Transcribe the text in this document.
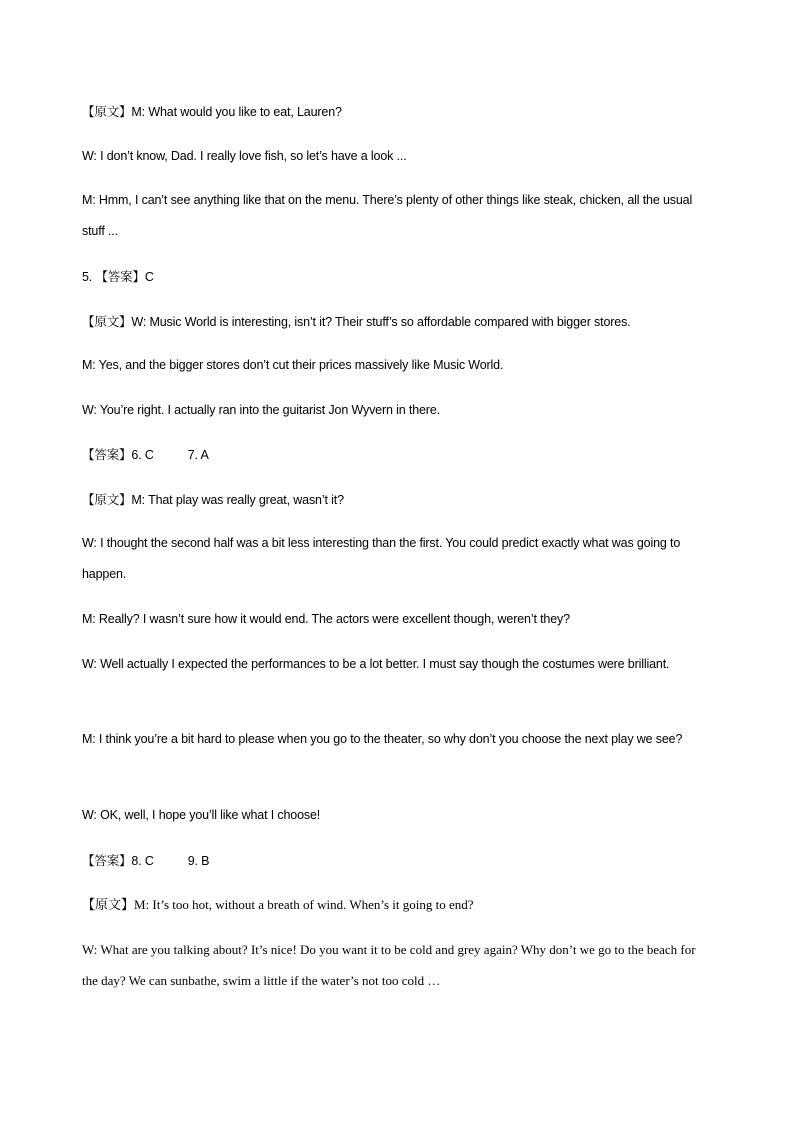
【原文】M: What would you like to eat, Lauren?

W: I don’t know, Dad. I really love fish, so let’s have a look ...

M: Hmm, I can’t see anything like that on the menu. There’s plenty of other things like steak, chicken, all the usual stuff ...

5. 【答案】C

【原文】W: Music World is interesting, isn’t it? Their stuff’s so affordable compared with bigger stores.

M: Yes, and the bigger stores don’t cut their prices massively like Music World.

W: You’re right. I actually ran into the guitarist Jon Wyvern in there.

【答案】6. C	7. A

【原文】M: That play was really great, wasn’t it?

W: I thought the second half was a bit less interesting than the first. You could predict exactly what was going to happen.

M: Really? I wasn’t sure how it would end. The actors were excellent though, weren’t they?

W: Well actually I expected the performances to be a lot better. I must say though the costumes were brilliant.

M: I think you’re a bit hard to please when you go to the theater, so why don’t you choose the next play we see?

W: OK, well, I hope you’ll like what I choose!

【答案】8. C	9. B

【原文】M: It’s too hot, without a breath of wind. When’s it going to end?

W: What are you talking about? It’s nice! Do you want it to be cold and grey again? Why don’t we go to the beach for the day? We can sunbathe, swim a little if the water’s not too cold …
